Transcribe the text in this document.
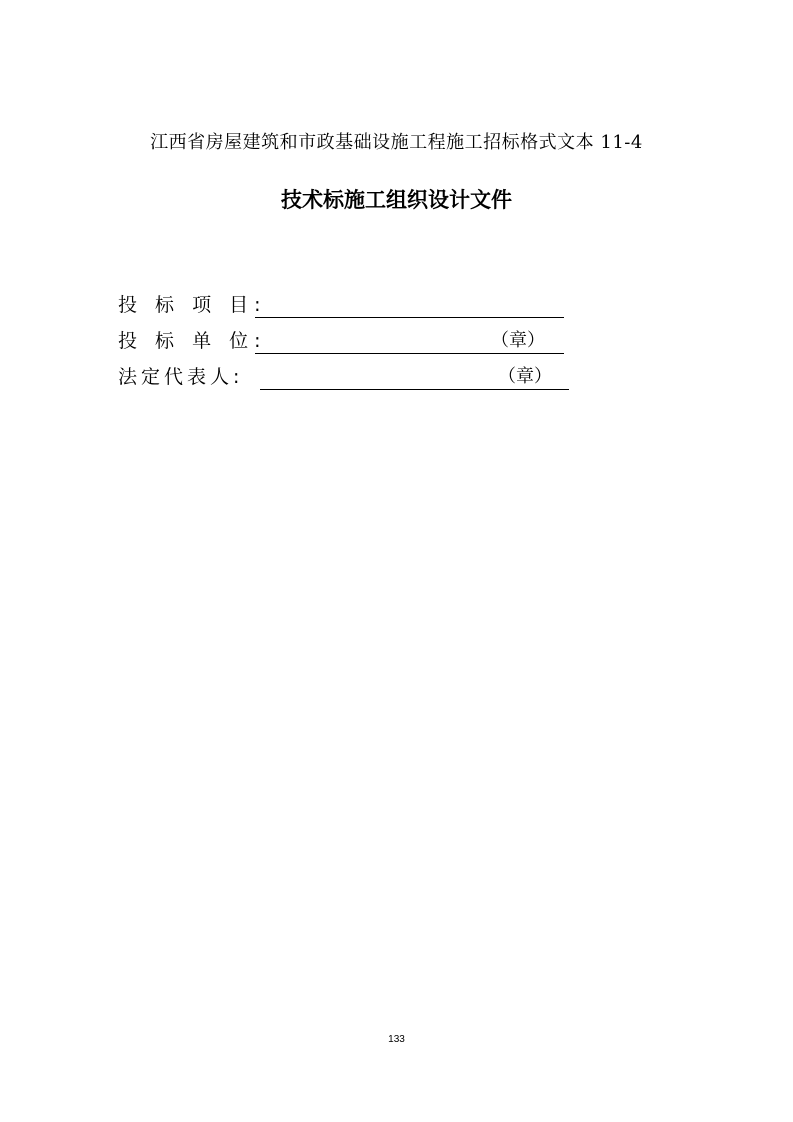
江西省房屋建筑和市政基础设施工程施工招标格式文本 11-4
技术标施工组织设计文件
投 标 项 目:
投 标 单 位:	（章）
法定代表人:	（章）
133
